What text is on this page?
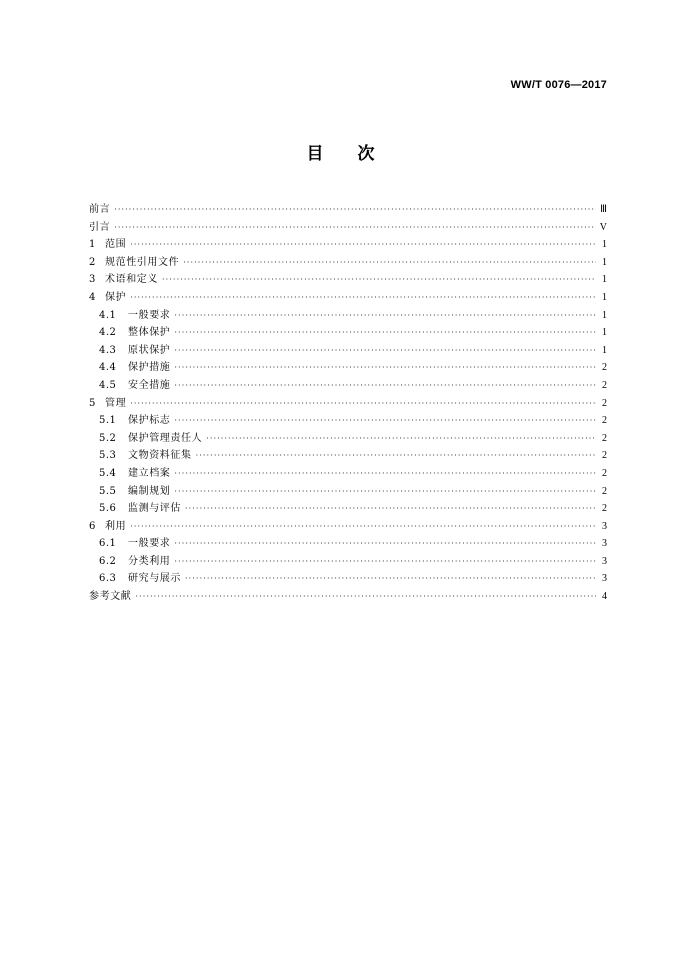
WW/T 0076—2017
目 次
前言 ·····	Ⅲ
引言 ·····	V
1 范围 ·····	1
2 规范性引用文件 ·····	1
3 术语和定义 ·····	1
4 保护 ·····	1
4.1	一般要求 ·····	1
4.2	整体保护 ·····	1
4.3	原状保护 ·····	1
4.4	保护措施 ·····	2
4.5	安全措施 ·····	2
5 管理 ·····	2
5.1	保护标志 ·····	2
5.2	保护管理责任人 ·····	2
5.3	文物资料征集 ·····	2
5.4	建立档案 ·····	2
5.5	编制规划 ·····	2
5.6	监测与评估 ·····	2
6 利用 ·····	3
6.1	一般要求 ·····	3
6.2	分类利用 ·····	3
6.3	研究与展示 ·····	3
参考文献 ·····	4
